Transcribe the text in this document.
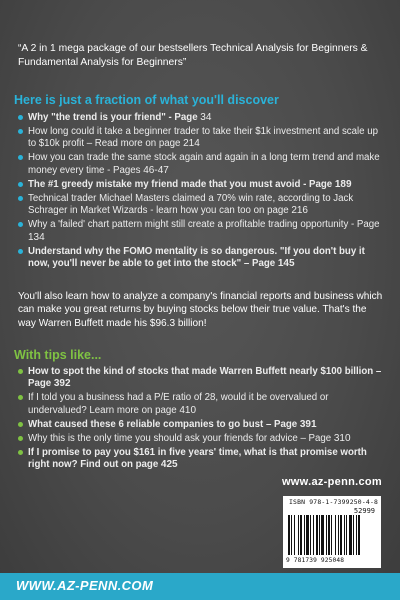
“A 2 in 1 mega package of our bestsellers Technical Analysis for Beginners & Fundamental Analysis for Beginners”
Here is just a fraction of what you'll discover
Why "the trend is your friend" - Page 34
How long could it take a beginner trader to take their $1k investment and scale up to $10k profit – Read more on page 214
How you can trade the same stock again and again in a long term trend and make money every time - Pages 46-47
The #1 greedy mistake my friend made that you must avoid - Page 189
Technical trader Michael Masters claimed a 70% win rate, according to Jack Schrager in Market Wizards - learn how you can too on page 216
Why a 'failed' chart pattern might still create a profitable trading opportunity - Page 134
Understand why the FOMO mentality is so dangerous. "If you don't buy it now, you'll never be able to get into the stock" – Page 145
You'll also learn how to analyze a company's financial reports and business which can make you great returns by buying stocks below their true value. That's the way Warren Buffett made his $96.3 billion!
With tips like...
How to spot the kind of stocks that made Warren Buffett nearly $100 billion – Page 392
If I told you a business had a P/E ratio of 28, would it be overvalued or undervalued? Learn more on page 410
What caused these 6 reliable companies to go bust – Page 391
Why this is the only time you should ask your friends for advice – Page 310
If I promise to pay you $161 in five years' time, what is that promise worth right now? Find out on page 425
www.az-penn.com
ISBN 978-1-7399250-4-8
52999
9 781739 925048
WWW.AZ-PENN.COM
